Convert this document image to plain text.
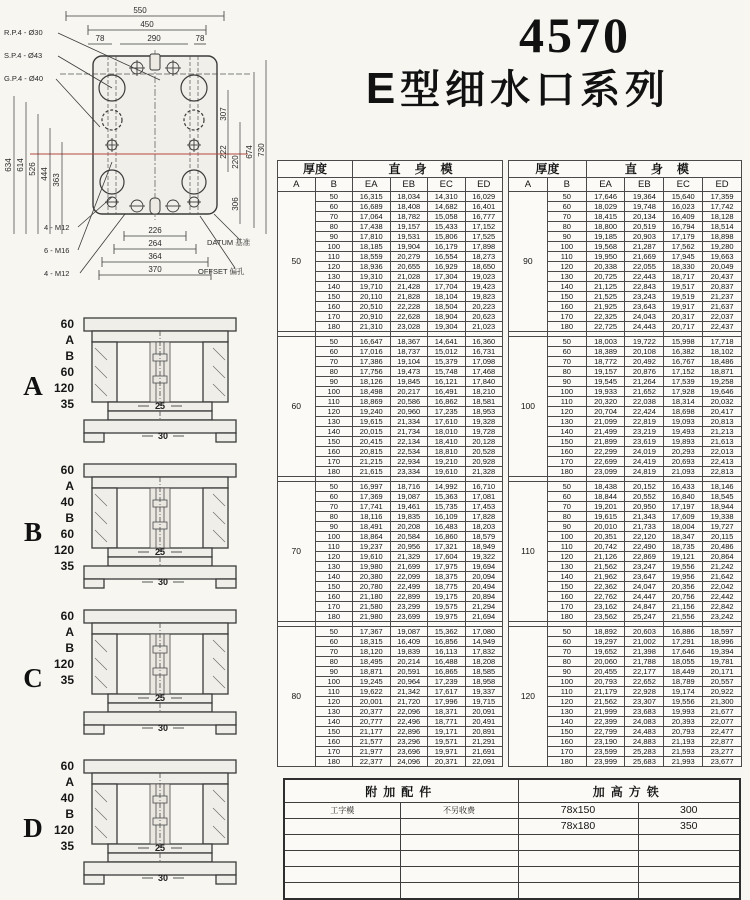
4570
E型细水口系列
550
450
78	290	78
R.P.4 - Ø30
S.P.4 - Ø43
G.P.4 - Ø40
634 614 526 444 363
307
222
220
306
674 730
226
264
364
370
4 - M12
6 - M16
4 - M12
DATUM 基准
OFFSET 偏孔
厚度		直身模			
A	B	EA	EB	EC	ED
50	50	16,315	18,034	14,310	16,029
	60	16,689	18,408	14,682	16,401
	70	17,064	18,782	15,058	16,777
	80	17,438	19,157	15,433	17,152
	90	17,810	19,531	15,806	17,525
	100	18,185	19,904	16,179	17,898
	110	18,559	20,279	16,554	18,273
	120	18,936	20,655	16,929	18,650
	130	19,310	21,028	17,304	19,023
	140	19,710	21,428	17,704	19,423
	150	20,110	21,828	18,104	19,823
	160	20,510	22,228	18,504	20,223
	170	20,910	22,628	18,904	20,623
	180	21,310	23,028	19,304	21,023

60	50	16,647	18,367	14,641	16,360
	60	17,016	18,737	15,012	16,731
	70	17,386	19,104	15,379	17,098
	80	17,756	19,473	15,748	17,468
	90	18,126	19,845	16,121	17,840
	100	18,498	20,217	16,491	18,210
	110	18,869	20,586	16,862	18,581
	120	19,240	20,960	17,235	18,953
	130	19,615	21,334	17,610	19,328
	140	20,015	21,734	18,010	19,728
	150	20,415	22,134	18,410	20,128
	160	20,815	22,534	18,810	20,528
	170	21,215	22,934	19,210	20,928
	180	21,615	23,334	19,610	21,328

70	50	16,997	18,716	14,992	16,710
	60	17,369	19,087	15,363	17,081
	70	17,741	19,461	15,735	17,453
	80	18,116	19,835	16,109	17,828
	90	18,491	20,208	16,483	18,203
	100	18,864	20,584	16,860	18,579
	110	19,237	20,956	17,321	18,949
	120	19,610	21,329	17,604	19,322
	130	19,980	21,699	17,975	19,694
	140	20,380	22,099	18,375	20,094
	150	20,780	22,499	18,775	20,494
	160	21,180	22,899	19,175	20,894
	170	21,580	23,299	19,575	21,294
	180	21,980	23,699	19,975	21,694

80	50	17,367	19,087	15,362	17,080
	60	18,315	16,409	16,856	14,949
	70	18,120	19,839	16,113	17,832
	80	18,495	20,214	16,488	18,208
	90	18,871	20,591	16,865	18,585
	100	19,245	20,964	17,239	18,958
	110	19,622	21,342	17,617	19,337
	120	20,001	21,720	17,996	19,715
	130	20,377	22,096	18,371	20,091
	140	20,777	22,496	18,771	20,491
	150	21,177	22,896	19,171	20,891
	160	21,577	23,296	19,571	21,291
	170	21,977	23,696	19,971	21,691
	180	22,377	24,096	20,371	22,091
厚度		直身模			
A	B	EA	EB	EC	ED
90	50	17,646	19,364	15,640	17,359
	60	18,029	19,748	16,023	17,742
	70	18,415	20,134	16,409	18,128
	80	18,800	20,519	16,794	18,514
	90	19,185	20,903	17,179	18,898
	100	19,568	21,287	17,562	19,280
	110	19,950	21,669	17,945	19,663
	120	20,338	22,055	18,330	20,049
	130	20,725	22,443	18,717	20,437
	140	21,125	22,843	19,517	20,837
	150	21,525	23,243	19,519	21,237
	160	21,925	23,643	19,917	21,637
	170	22,325	24,043	20,317	22,037
	180	22,725	24,443	20,717	22,437

100	50	18,003	19,722	15,998	17,718
	60	18,389	20,108	16,382	18,102
	70	18,772	20,492	16,767	18,486
	80	19,157	20,876	17,152	18,871
	90	19,545	21,264	17,539	19,258
	100	19,933	21,652	17,928	19,646
	110	20,320	22,038	18,314	20,032
	120	20,704	22,424	18,698	20,417
	130	21,099	22,819	19,093	20,813
	140	21,499	23,219	19,493	21,213
	150	21,899	23,619	19,893	21,613
	160	22,299	24,019	20,293	22,013
	170	22,699	24,419	20,693	22,413
	180	23,099	24,819	21,093	22,813

110	50	18,438	20,152	16,433	18,146
	60	18,844	20,552	16,840	18,545
	70	19,201	20,950	17,197	18,944
	80	19,615	21,343	17,609	19,338
	90	20,010	21,733	18,004	19,727
	100	20,351	22,120	18,347	20,115
	110	20,742	22,490	18,735	20,486
	120	21,126	22,869	19,121	20,864
	130	21,562	23,247	19,556	21,242
	140	21,962	23,647	19,956	21,642
	150	22,362	24,047	20,356	22,042
	160	22,762	24,447	20,756	22,442
	170	23,162	24,847	21,156	22,842
	180	23,562	25,247	21,556	23,242

120	50	18,892	20,603	16,886	18,597
	60	19,297	21,002	17,291	18,996
	70	19,652	21,398	17,646	19,394
	80	20,060	21,788	18,055	19,781
	90	20,455	22,177	18,449	20,171
	100	20,793	22,652	18,789	20,557
	110	21,179	22,928	19,174	20,922
	120	21,562	23,307	19,556	21,300
	130	21,999	23,683	19,993	21,677
	140	22,399	24,083	20,393	22,077
	150	22,799	24,483	20,793	22,477
	160	23,190	24,883	21,193	22,877
	170	23,599	25,283	21,593	23,277
	180	23,999	25,683	21,993	23,677
A
60
A
B
60
120
35	25
30
B
60
A
40
B
60
120
35
25
30
C
60
A
B
120
35
25
30
D
60
A
40
B
120
35	25
30
附加配件		加高方铁	
工字模	不另收费	78x150	300
		78x180	350
